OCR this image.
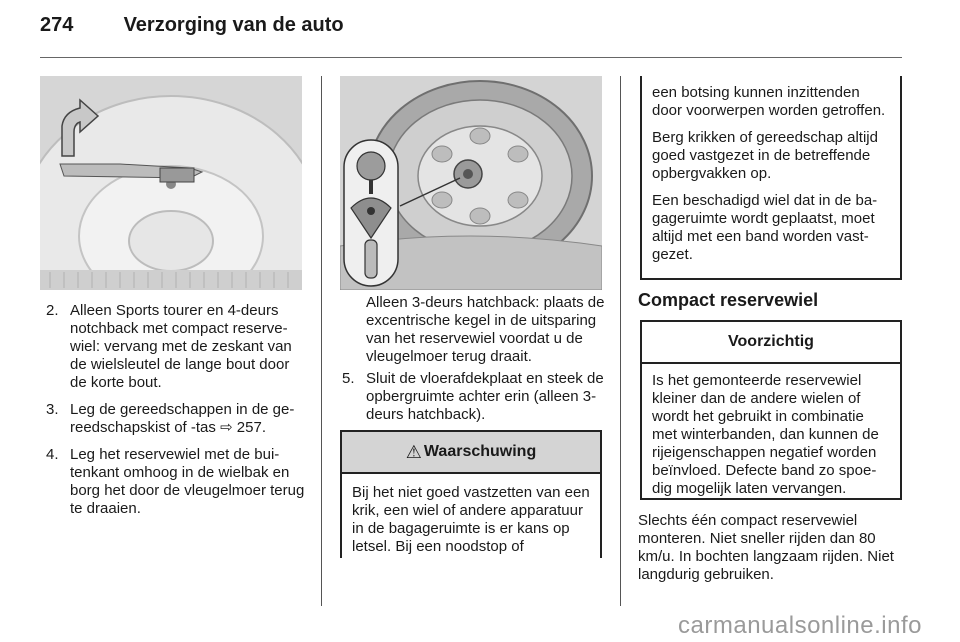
274	Verzorging van de auto
2. Alleen Sports tourer en 4-deurs notchback met compact reservewiel: vervang met de zeskant van de wielsleutel de lange bout door de korte bout.
3. Leg de gereedschappen in de gereedschapskist of -tas ⇨ 257.
4. Leg het reservewiel met de buitenkant omhoog in de wielbak en borg het door de vleugelmoer terug te draaien.

Alleen 3-deurs hatchback: plaats de excentrische kegel in de uitsparing van het reservewiel voordat u de vleugelmoer terug draait.

5. Sluit de vloerafdekplaat en steek de opbergruimte achter erin (alleen 3-deurs hatchback).
⚠ Waarschuwing

Bij het niet goed vastzetten van een krik, een wiel of andere apparatuur in de bagageruimte is er kans op letsel. Bij een noodstop of

een botsing kunnen inzittenden door voorwerpen worden getroffen.

Berg krikken of gereedschap altijd goed vastgezet in de betreffende opbergvakken op.

Een beschadigd wiel dat in de bagageruimte wordt geplaatst, moet altijd met een band worden vastgezet.

Compact reservewiel
Voorzichtig

Is het gemonteerde reservewiel kleiner dan de andere wielen of wordt het gebruikt in combinatie met winterbanden, dan kunnen de rijeigenschappen negatief worden beïnvloed. Defecte band zo spoedig mogelijk laten vervangen.

Slechts één compact reservewiel monteren. Niet sneller rijden dan 80 km/u. In bochten langzaam rijden. Niet langdurig gebruiken.

carmanualsonline.info
